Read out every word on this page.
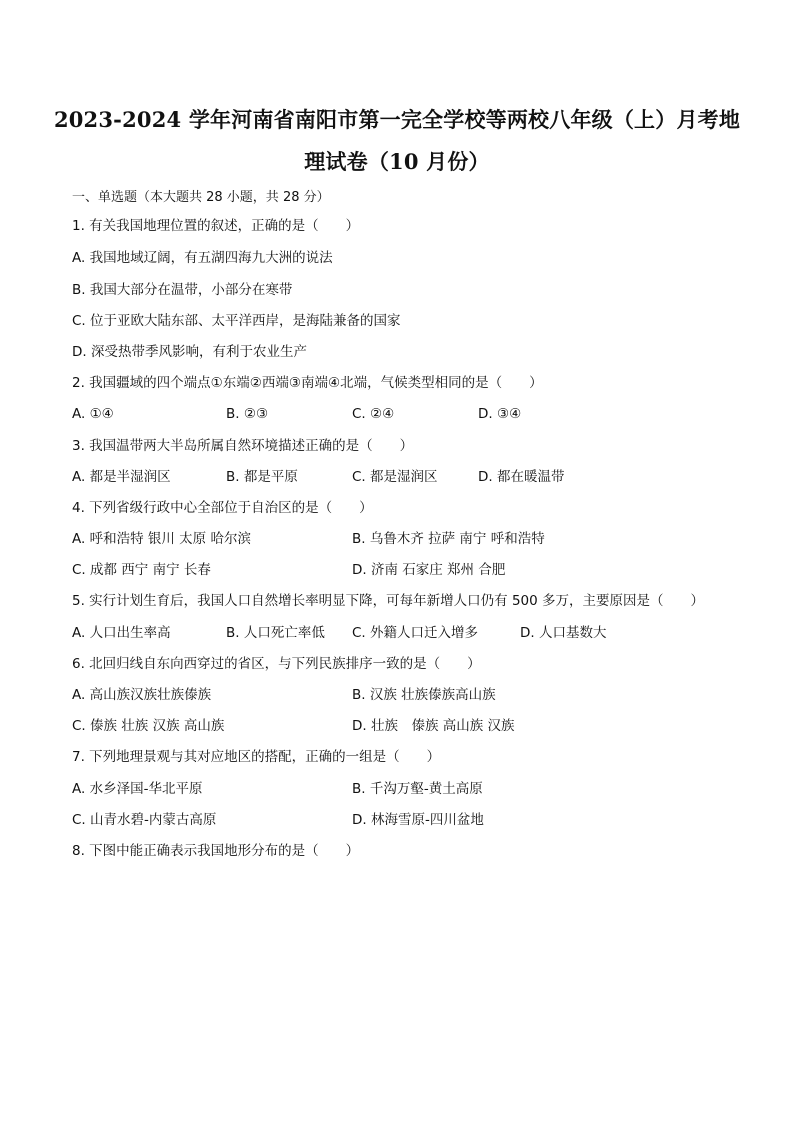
2023-2024 学年河南省南阳市第一完全学校等两校八年级（上）月考地
理试卷（10 月份）
一、单选题（本大题共 28 小题，共 28 分）
1. 有关我国地理位置的叙述，正确的是（　　）
A. 我国地域辽阔，有五湖四海九大洲的说法
B. 我国大部分在温带，小部分在寒带
C. 位于亚欧大陆东部、太平洋西岸，是海陆兼备的国家
D. 深受热带季风影响，有利于农业生产
2. 我国疆域的四个端点①东端②西端③南端④北端，气候类型相同的是（　　）
A. ①④	B. ②③	C. ②④	D. ③④
3. 我国温带两大半岛所属自然环境描述正确的是（　　）
A. 都是半湿润区	B. 都是平原	C. 都是湿润区	D. 都在暖温带
4. 下列省级行政中心全部位于自治区的是（　　）
A. 呼和浩特 银川 太原 哈尔滨	B. 乌鲁木齐 拉萨 南宁 呼和浩特
C. 成都 西宁 南宁 长春	D. 济南 石家庄 郑州 合肥
5. 实行计划生育后，我国人口自然增长率明显下降，可每年新增人口仍有 500 多万，主要原因是（　　）
A. 人口出生率高	B. 人口死亡率低 C. 外籍人口迁入增多	D. 人口基数大
6. 北回归线自东向西穿过的省区，与下列民族排序一致的是（　　）
A. 高山族汉族壮族傣族	B. 汉族 壮族傣族高山族
C. 傣族 壮族 汉族 高山族	D. 壮族　傣族 高山族 汉族
7. 下列地理景观与其对应地区的搭配，正确的一组是（　　）
A. 水乡泽国-华北平原	B. 千沟万壑-黄土高原
C. 山青水碧-内蒙古高原	D. 林海雪原-四川盆地
8. 下图中能正确表示我国地形分布的是（　　）
